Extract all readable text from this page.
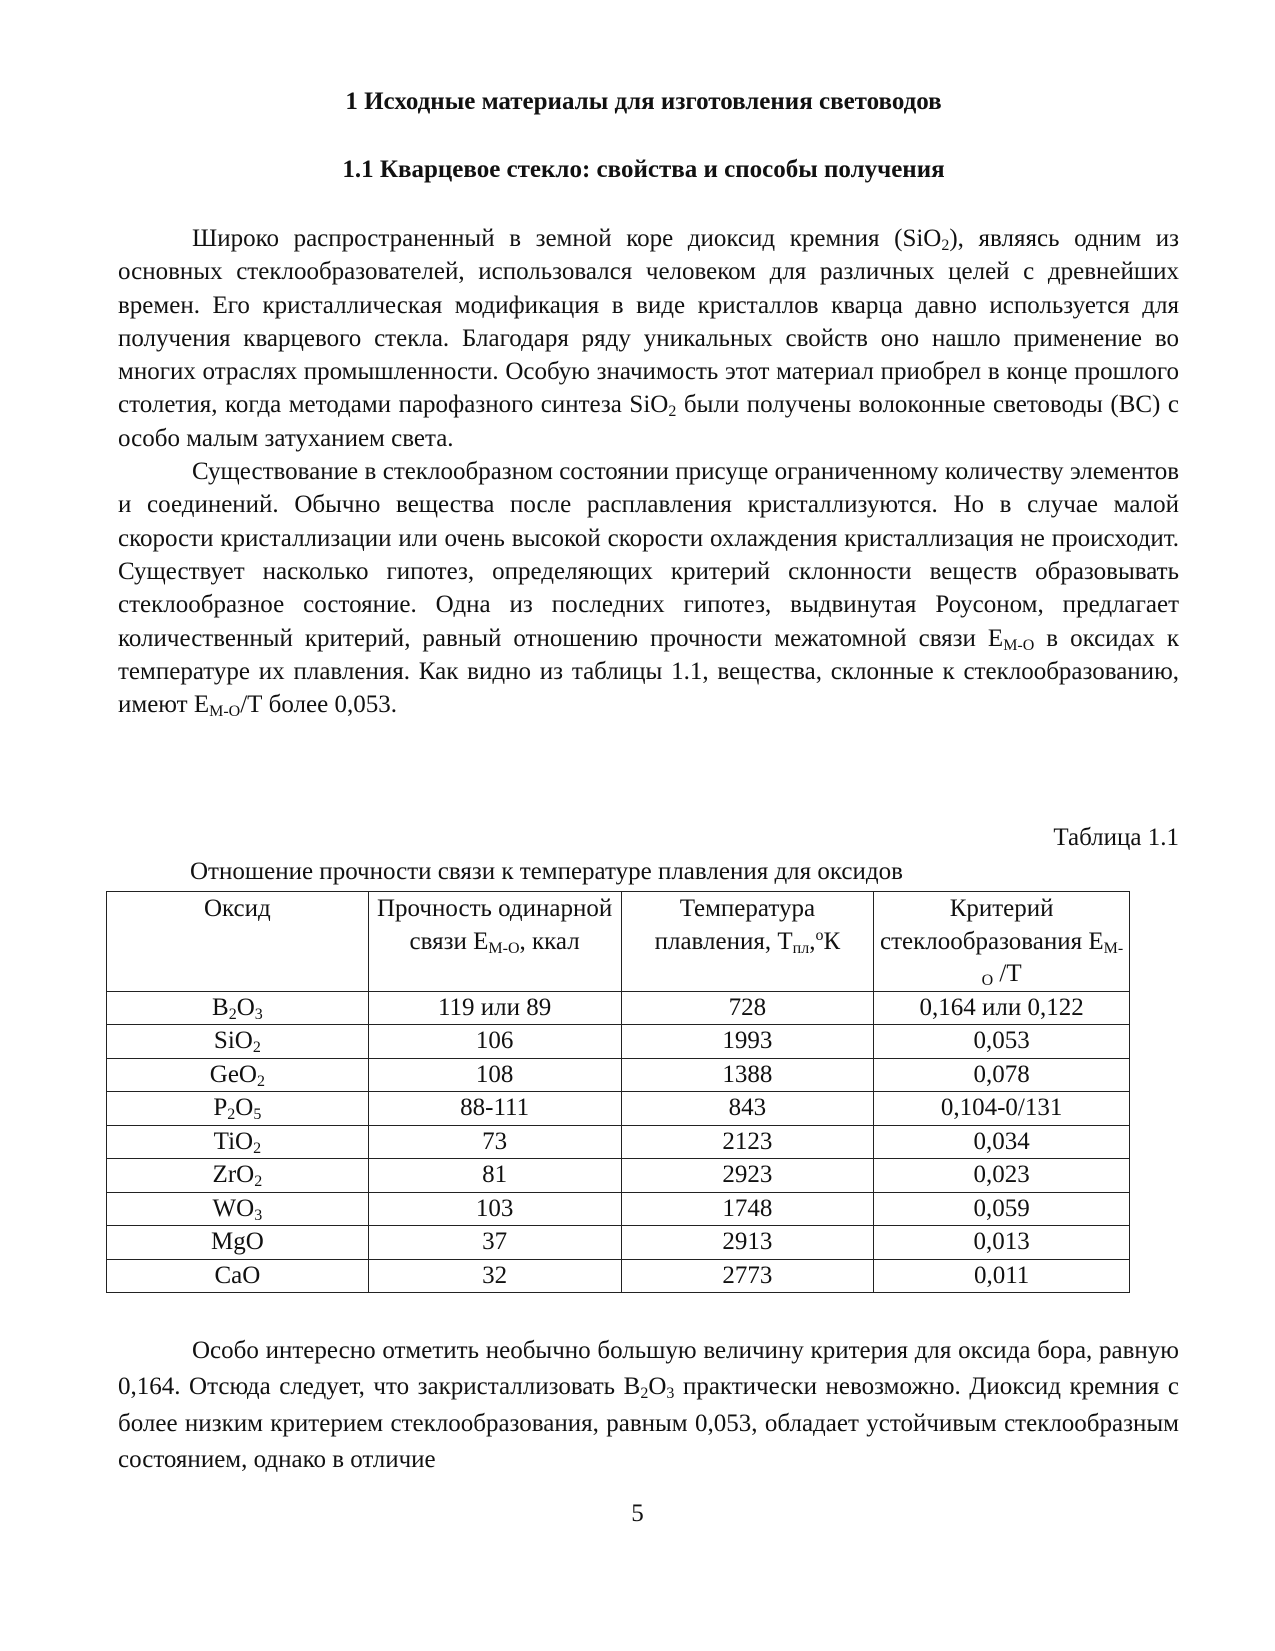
1 Исходные материалы для изготовления световодов
1.1 Кварцевое стекло: свойства и способы получения

Широко распространенный в земной коре диоксид кремния (SiO$_2$), являясь одним из основных стеклообразователей, использовался человеком для различных целей с древнейших времен. Его кристаллическая модификация в виде кристаллов кварца давно используется для получения кварцевого стекла. Благодаря ряду уникальных свойств оно нашло применение во многих отраслях промышленности. Особую значимость этот материал приобрел в конце прошлого столетия, когда методами парофазного синтеза SiO$_2$ были получены волоконные световоды (ВС) с особо малым затуханием света.

Существование в стеклообразном состоянии присуще ограниченному количеству элементов и соединений. Обычно вещества после расплавления кристаллизуются. Но в случае малой скорости кристаллизации или очень высокой скорости охлаждения кристаллизация не происходит. Существует насколько гипотез, определяющих критерий склонности веществ образовывать стеклообразное состояние. Одна из последних гипотез, выдвинутая Роусоном, предлагает количественный критерий, равный отношению прочности межатомной связи $Е_{М-О}$ в оксидах к температуре их плавления. Как видно из таблицы 1.1, вещества, склонные к стеклообразованию, имеют $Е_{М-О}/Т$ более 0,053.

Таблица 1.1
Отношение прочности связи к температуре плавления для оксидов
Оксид	Прочность одинарной связи $Е_{М-О}$, ккал	Температура плавления, $Т_{пл},^оК$	Критерий стеклообразования $Е_{М-О}$ /Т
$B_2O_3$	119 или 89	728	0,164 или 0,122
SiO$_2$	106	1993	0,053
GeO$_2$	108	1388	0,078
$P_2O_5$	88-111	843	0,104-0/131
TiO$_2$	73	2123	0,034
ZrO$_2$	81	2923	0,023
$WO_3$	103	1748	0,059
MgO	37	2913	0,013
CaO	32	2773	0,011

Особо интересно отметить необычно большую величину критерия для оксида бора, равную 0,164. Отсюда следует, что закристаллизовать $B_2O_3$ практически невозможно. Диоксид кремния с более низким критерием стеклообразования, равным 0,053, обладает устойчивым стеклообразным состоянием, однако в отличие

5
